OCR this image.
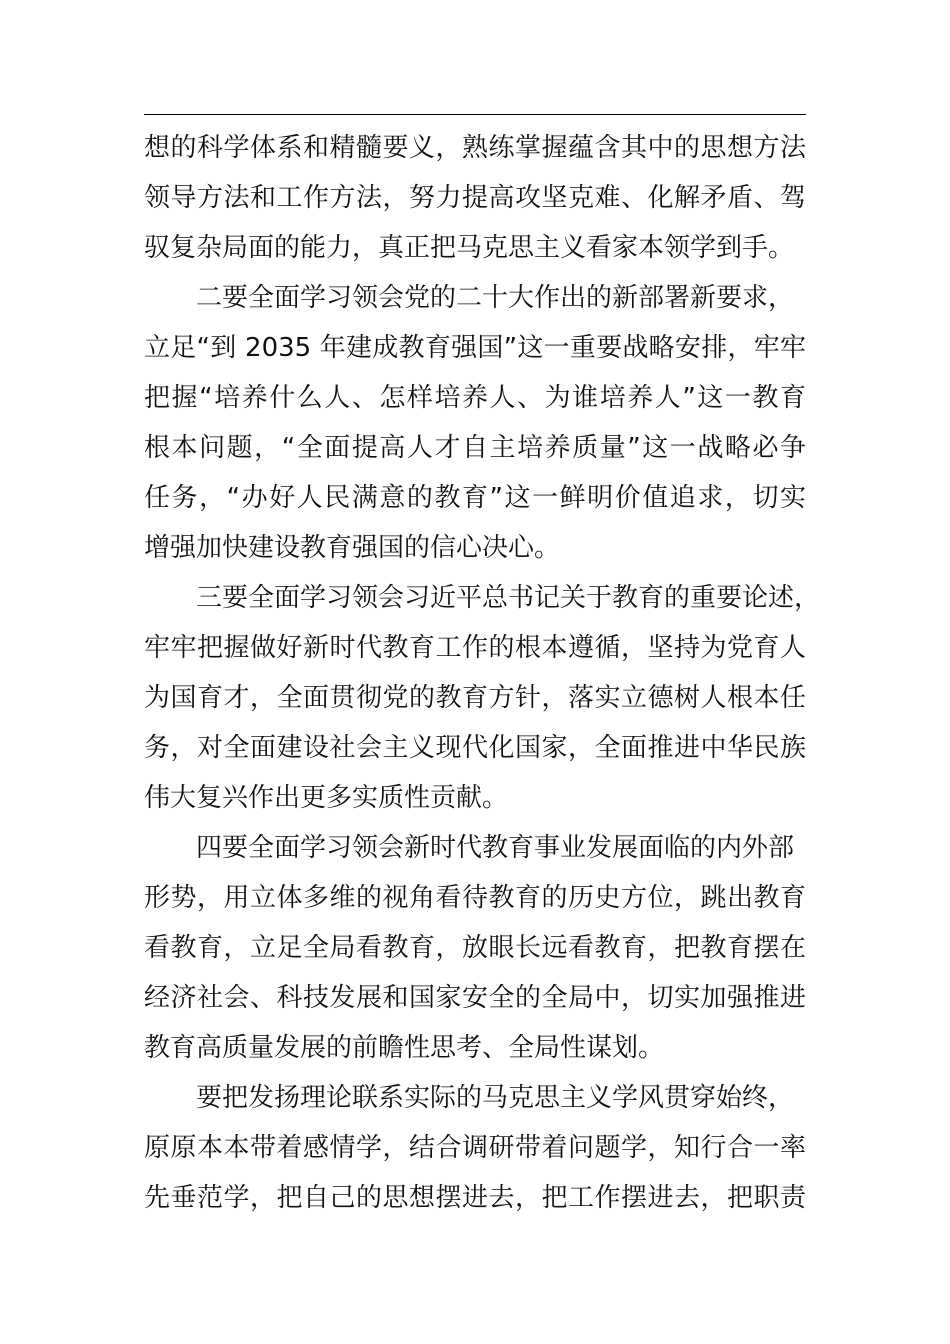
想的科学体系和精髓要义，熟练掌握蕴含其中的思想方法
领导方法和工作方法，努力提高攻坚克难、化解矛盾、驾
驭复杂局面的能力，真正把马克思主义看家本领学到手。
二要全面学习领会党的二十大作出的新部署新要求，
立足“到 2035 年建成教育强国”这一重要战略安排，牢牢
把握“培养什么人、怎样培养人、为谁培养人”这一教育
根本问题，“全面提高人才自主培养质量”这一战略必争
任务，“办好人民满意的教育”这一鲜明价值追求，切实
增强加快建设教育强国的信心决心。
三要全面学习领会习近平总书记关于教育的重要论述，
牢牢把握做好新时代教育工作的根本遵循，坚持为党育人
为国育才，全面贯彻党的教育方针，落实立德树人根本任
务，对全面建设社会主义现代化国家，全面推进中华民族
伟大复兴作出更多实质性贡献。
四要全面学习领会新时代教育事业发展面临的内外部
形势，用立体多维的视角看待教育的历史方位，跳出教育
看教育，立足全局看教育，放眼长远看教育，把教育摆在
经济社会、科技发展和国家安全的全局中，切实加强推进
教育高质量发展的前瞻性思考、全局性谋划。
要把发扬理论联系实际的马克思主义学风贯穿始终，
原原本本带着感情学，结合调研带着问题学，知行合一率
先垂范学，把自己的思想摆进去，把工作摆进去，把职责
